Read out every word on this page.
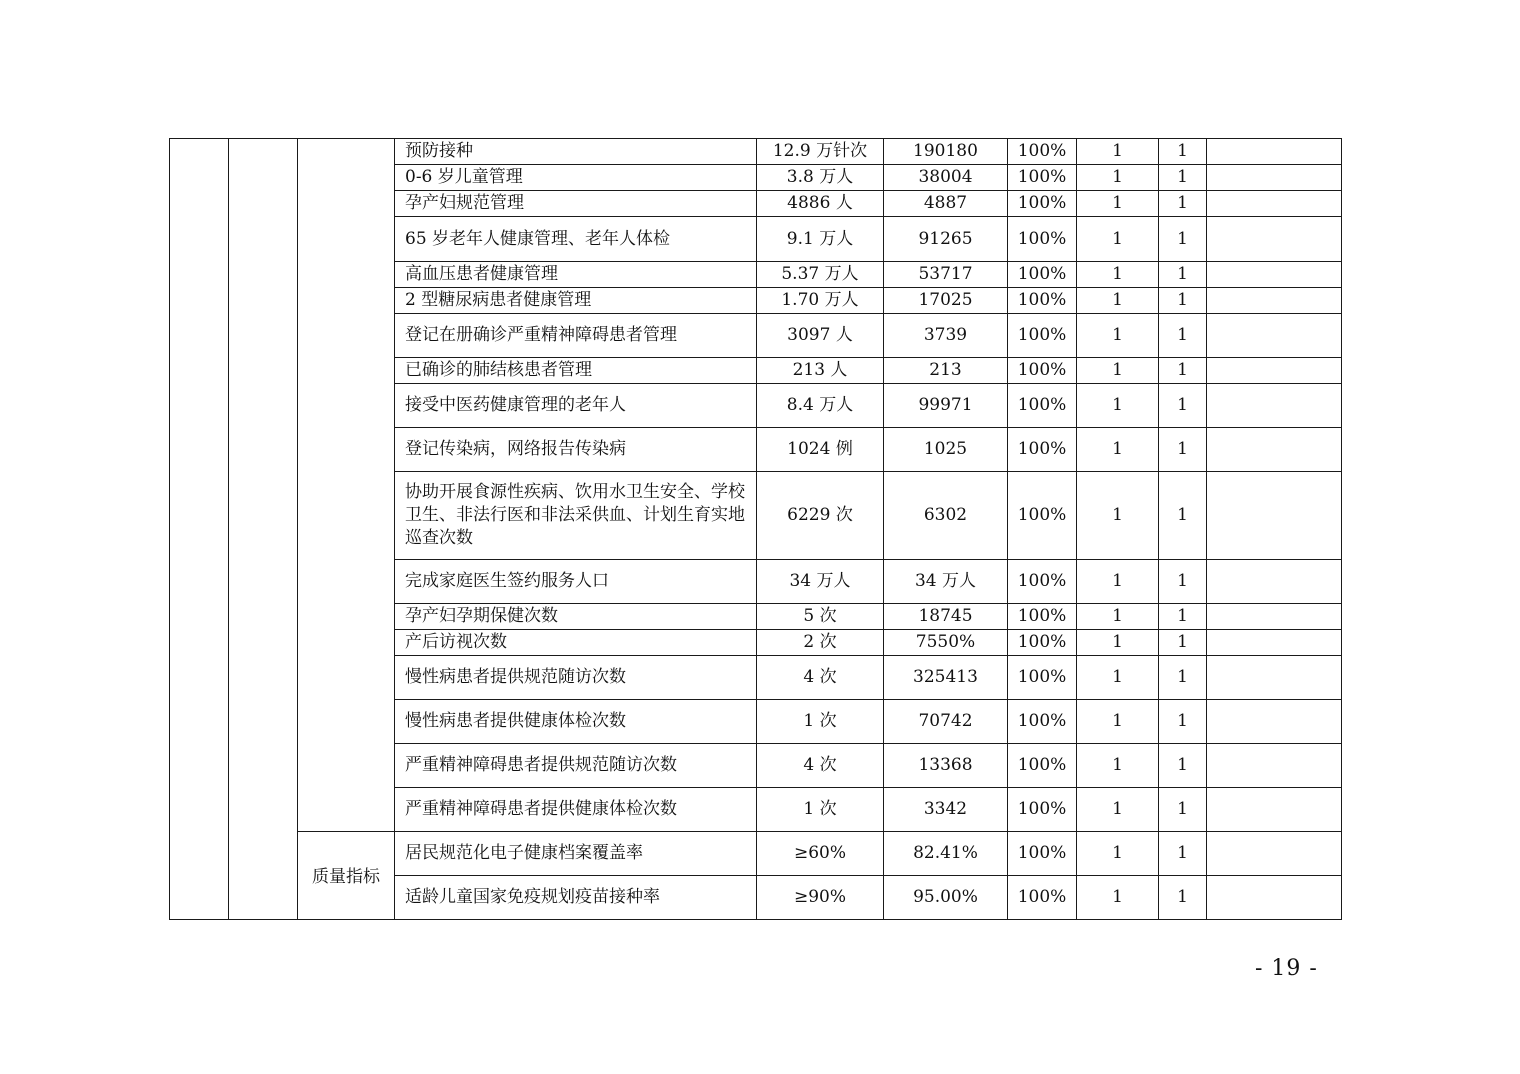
			预防接种	12.9 万针次	190180	100%	1	1	
			0-6 岁儿童管理	3.8 万人	38004	100%	1	1	
			孕产妇规范管理	4886 人	4887	100%	1	1	
			65 岁老年人健康管理、老年人体检	9.1 万人	91265	100%	1	1	
			高血压患者健康管理	5.37 万人	53717	100%	1	1	
			2 型糖尿病患者健康管理	1.70 万人	17025	100%	1	1	
			登记在册确诊严重精神障碍患者管理	3097 人	3739	100%	1	1	
			已确诊的肺结核患者管理	213 人	213	100%	1	1	
			接受中医药健康管理的老年人	8.4 万人	99971	100%	1	1	
			登记传染病，网络报告传染病	1024 例	1025	100%	1	1	
			协助开展食源性疾病、饮用水卫生安全、学校卫生、非法行医和非法采供血、计划生育实地巡查次数	6229 次	6302	100%	1	1	
			完成家庭医生签约服务人口	34 万人	34 万人	100%	1	1	
			孕产妇孕期保健次数	5 次	18745	100%	1	1	
			产后访视次数	2 次	7550%	100%	1	1	
			慢性病患者提供规范随访次数	4 次	325413	100%	1	1	
			慢性病患者提供健康体检次数	1 次	70742	100%	1	1	
			严重精神障碍患者提供规范随访次数	4 次	13368	100%	1	1	
			严重精神障碍患者提供健康体检次数	1 次	3342	100%	1	1	
		质量指标	居民规范化电子健康档案覆盖率	≥60%	82.41%	100%	1	1	
			适龄儿童国家免疫规划疫苗接种率	≥90%	95.00%	100%	1	1	
- 19 -
